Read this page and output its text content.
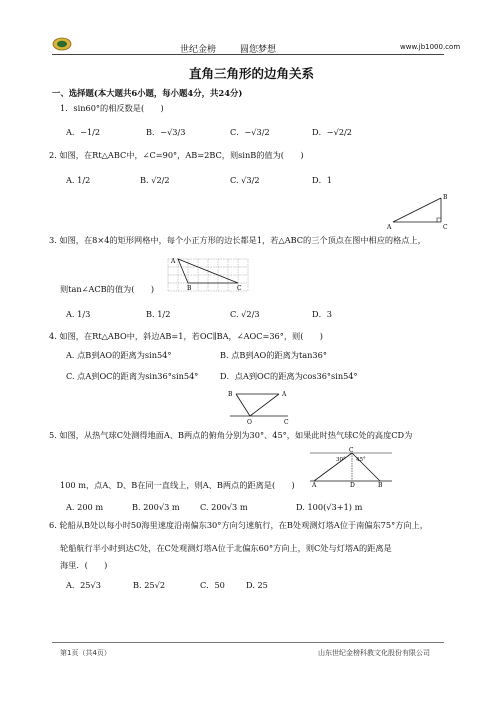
世纪金榜	圆您梦想	www.jb1000.com
直角三角形的边角关系
一、选择题(本大题共6小题，每小题4分，共24分)
1．sin60°的相反数是(　　)
A．−1/2	B．−√3/3	C．−√3/2	D．−√2/2
2. 如图，在Rt△ABC中，∠C=90°，AB=2BC，则sinB的值为(　　)
A. 1/2	B. √2/2	C. √3/2	D．1
A
B
C
3. 如图，在8×4的矩形网格中，每个小正方形的边长都是1，若△ABC的三个顶点在图中相应的格点上，
A
B	C
则tan∠ACB的值为(　　)
A. 1/3	B. 1/2	C. √2/3	D．3
4. 如图，在Rt△ABO中，斜边AB=1，若OC∥BA，∠AOC=36°，则(　　)
A. 点B到AO的距离为sin54°	B. 点B到AO的距离为tan36°
C. 点A到OC的距离为sin36°sin54°	D．点A到OC的距离为cos36°sin54°
B	A
O	C
5. 如图，从热气球C处测得地面A、B两点的俯角分别为30°、45°，如果此时热气球C处的高度CD为
C
30° 45°
A	D	B
100 m，点A、D、B在同一直线上，则A、B两点的距离是(　　)
A. 200 m	B. 200√3 m C. 200√3 m	D. 100(√3+1) m
6. 轮船从B处以每小时50海里速度沿南偏东30°方向匀速航行，在B处观测灯塔A位于南偏东75°方向上，
轮船航行半小时到达C处，在C处观测灯塔A位于北偏东60°方向上，则C处与灯塔A的距离是
海里．(　　)
A．25√3	B. 25√2	C．50	D. 25
第1页（共4页）	山东世纪金榜科教文化股份有限公司
